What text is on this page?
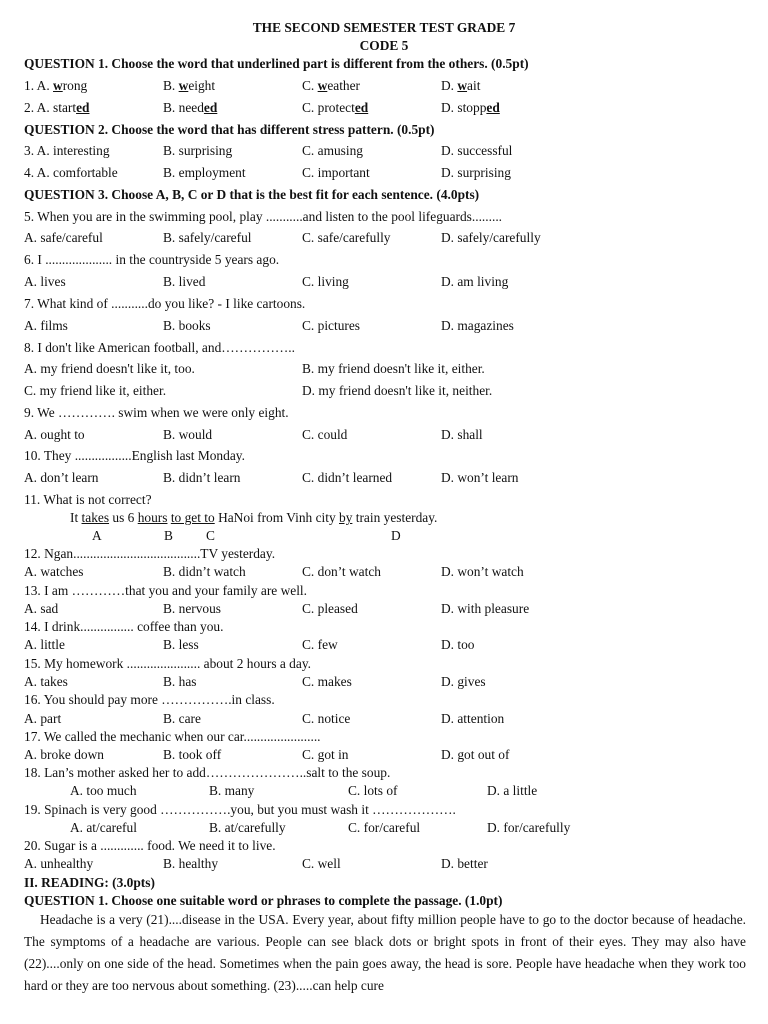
THE SECOND SEMESTER TEST GRADE 7
CODE 5
QUESTION 1. Choose the word that underlined part is different from the others. (0.5pt)
1. A. wrong	B. weight	C. weather	D. wait
2. A. started	B. needed	C. protected	D. stopped
QUESTION 2. Choose the word that has different stress pattern. (0.5pt)
3. A. interesting	B. surprising	C. amusing	D. successful
4. A. comfortable	B. employment	C. important	D. surprising
QUESTION 3. Choose A, B, C or D that is the best fit for each sentence. (4.0pts)
5. When you are in the swimming pool, play ...........and listen to the pool lifeguards.........
A. safe/careful	B. safely/careful	C. safe/carefully	D. safely/carefully
6. I .................... in the countryside 5 years ago.
A. lives	B. lived	C. living	D. am living
7. What kind of ...........do you like? - I like cartoons.
A. films	B. books	C. pictures	D. magazines
8. I don't like American football, and……………..
A. my friend doesn't like it, too.	B. my friend doesn't like it, either.
C. my friend like it, either.	D. my friend doesn't like it, neither.
9. We …………. swim when we were only eight.
A. ought to	B. would	C. could	D. shall
10. They .................English last Monday.
A. don’t learn	B. didn’t learn	C. didn’t learned	D. won’t learn
11. What is not correct?
It takes us 6 hours to get to HaNoi from Vinh city by train yesterday.
A	B C	D
12. Ngan......................................TV yesterday.
A. watches	B. didn’t watch	C. don’t watch	D. won’t watch
13. I am …………that you and your family are well.
A. sad	B. nervous	C. pleased	D. with pleasure
14. I drink................ coffee than you.
A. little	B. less	C. few	D. too
15. My homework ...................... about 2 hours a day.
A. takes	B. has	C. makes	D. gives
16. You should pay more …………….in class.
A. part	B. care	C. notice	D. attention
17. We called the mechanic when our car.......................
A. broke down	B. took off	C. got in	D. got out of
18. Lan’s mother asked her to add…………………..salt to the soup.
A. too much	B. many	C. lots of	D. a little
19. Spinach is very good …………….you, but you must wash it ……………….
A. at/careful	B. at/carefully	C. for/careful	D. for/carefully
20. Sugar is a ............. food. We need it to live.
A. unhealthy	B. healthy	C. well	D. better
II. READING: (3.0pts)
QUESTION 1. Choose one suitable word or phrases to complete the passage. (1.0pt)

Headache is a very (21)....disease in the USA. Every year, about fifty million people have to go to the doctor because of headache. The symptoms of a headache are various. People can see black dots or bright spots in front of their eyes. They may also have (22)....only on one side of the head. Sometimes when the pain goes away, the head is sore. People have headache when they work too hard or they are too nervous about something. (23).....can help cure
